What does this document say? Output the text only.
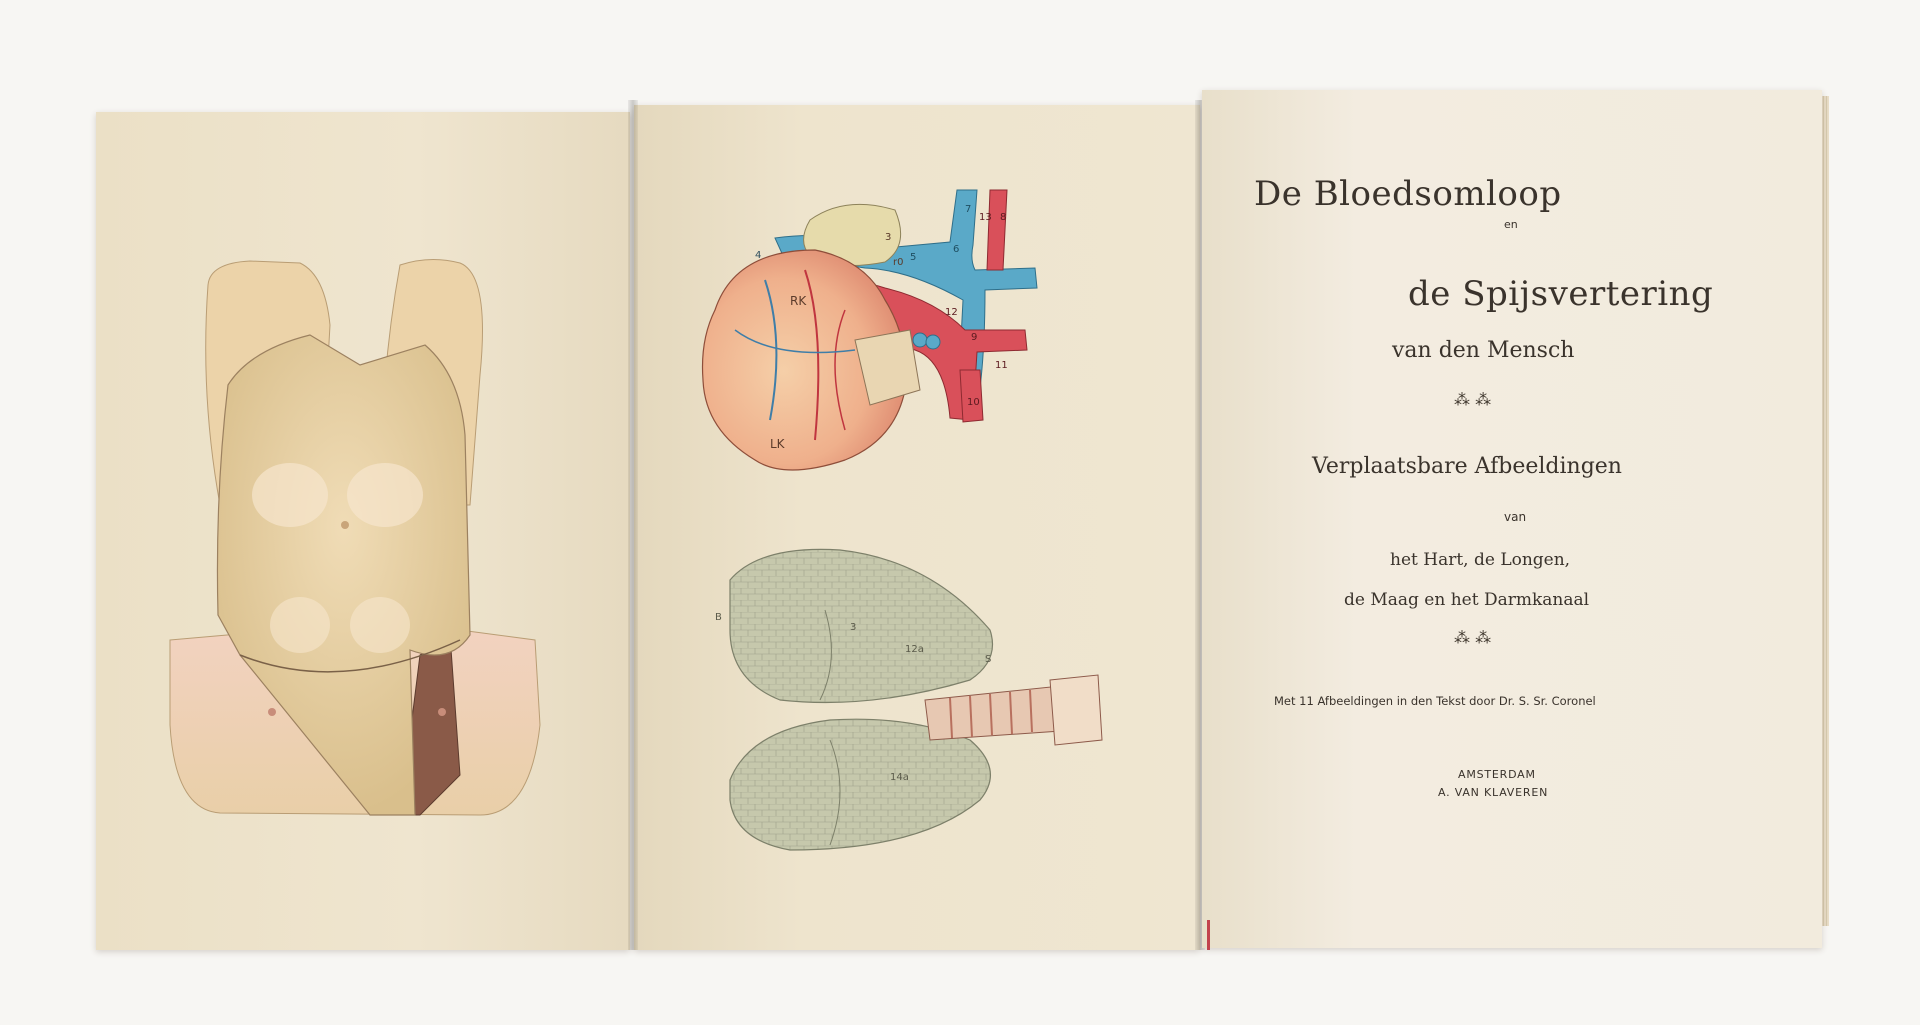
De Bloedsomloop
en
de Spijsvertering
van den Mensch
⁂ ⁂
Verplaatsbare Afbeeldingen
van
het Hart, de Longen,
de Maag en het Darmkanaal
⁂ ⁂
Met 11 Afbeeldingen in den Tekst door Dr. S. Sr. Coronel
AMSTERDAM
A. VAN KLAVEREN
RK
LK
3
4	5
6
7
8
9
10
11
12
13
r0
B
S
12a
14a
3
